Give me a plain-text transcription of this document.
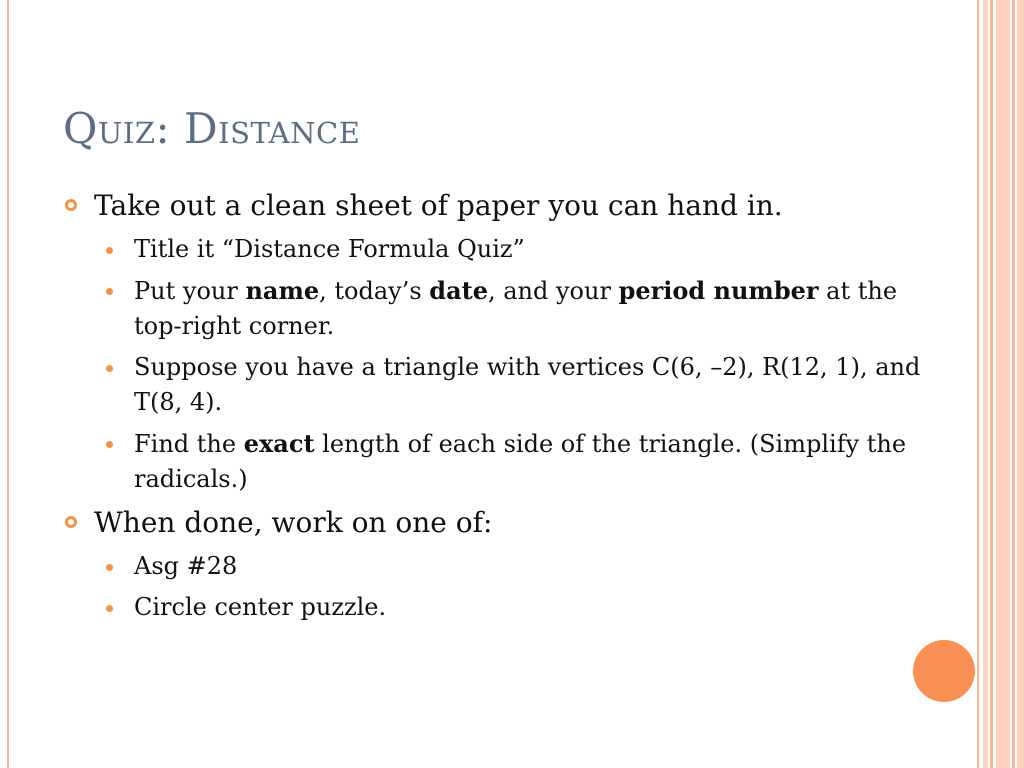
Quiz: Distance
Take out a clean sheet of paper you can hand in.
Title it “Distance Formula Quiz”
Put your name, today’s date, and your period number at the top-right corner.
Suppose you have a triangle with vertices C(6, –2), R(12, 1), and T(8, 4).
Find the exact length of each side of the triangle. (Simplify the radicals.)
When done, work on one of:
Asg #28
Circle center puzzle.
